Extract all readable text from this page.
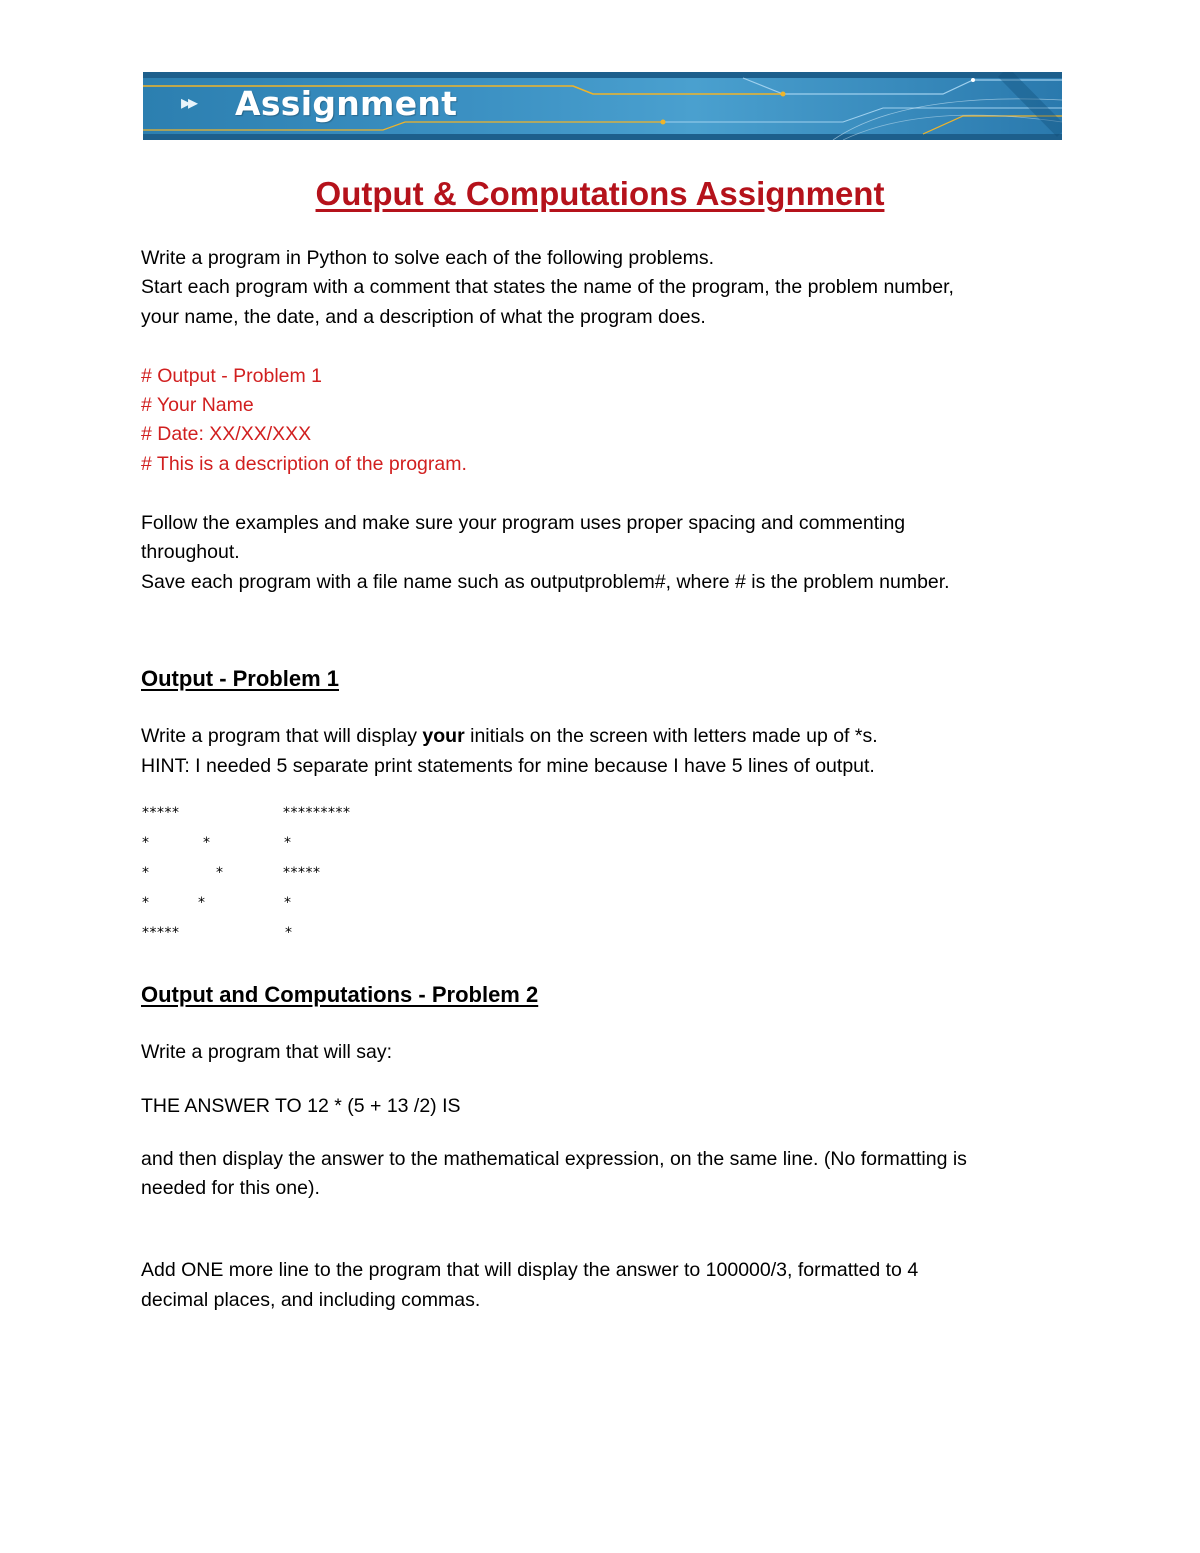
▸▸ Assignment
Output & Computations Assignment

Write a program in Python to solve each of the following problems.

Start each program with a comment that states the name of the program, the problem number,

your name, the date, and a description of what the program does.

# Output - Problem 1

# Your Name

# Date: XX/XX/XXX

# This is a description of the program.

Follow the examples and make sure your program uses proper spacing and commenting

throughout.

Save each program with a file name such as outputproblem#, where # is the problem number.

Output - Problem 1

Write a program that will display your initials on the screen with letters made up of *s.

HINT: I needed 5 separate print statements for mine because I have 5 lines of output.

*****	*********
*	*	*
*	*	*****
*	*	*
*****	*
Output and Computations - Problem 2

Write a program that will say:

THE ANSWER TO 12 * (5 + 13 /2) IS

and then display the answer to the mathematical expression, on the same line. (No formatting is

needed for this one).

Add ONE more line to the program that will display the answer to 100000/3, formatted to 4

decimal places, and including commas.
